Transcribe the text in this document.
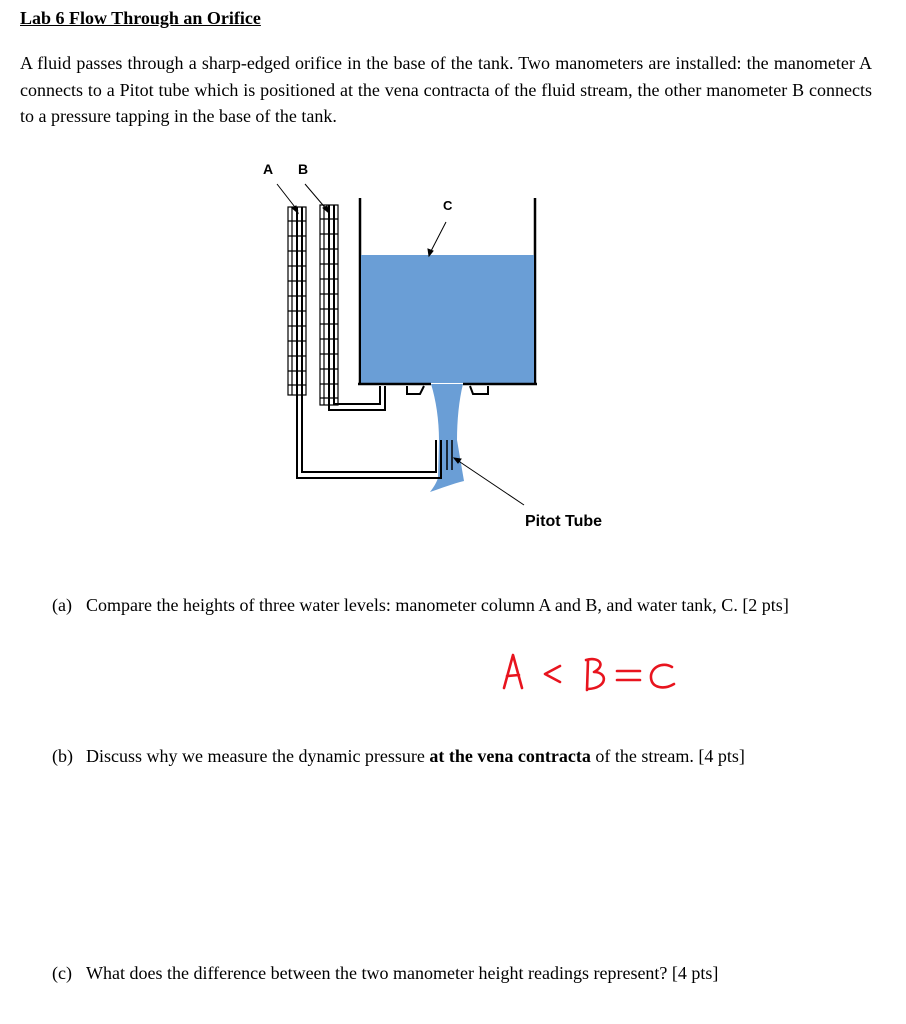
Lab 6 Flow Through an Orifice

A fluid passes through a sharp-edged orifice in the base of the tank. Two manometers are installed: the manometer A connects to a Pitot tube which is positioned at the vena contracta of the fluid stream, the other manometer B connects to a pressure tapping in the base of the tank.

A B
C
Pitot Tube

(a) Compare the heights of three water levels: manometer column A and B, and water tank, C. [2 pts]

(b) Discuss why we measure the dynamic pressure at the vena contracta of the stream. [4 pts]

(c) What does the difference between the two manometer height readings represent? [4 pts]
